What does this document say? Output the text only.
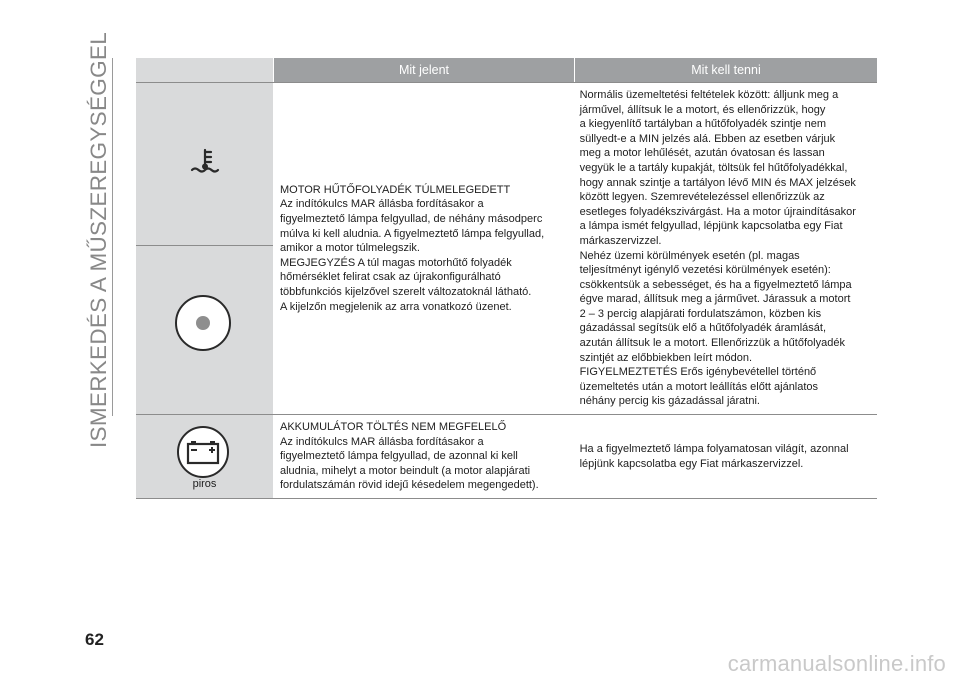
ISMERKEDÉS A MŰSZEREGYSÉGGEL	Mit jelent	Mit kell tenni
MOTOR HŰTŐFOLYADÉK TÚLMELEGEDETT
Az indítókulcs MAR állásba fordításakor a
figyelmeztető lámpa felgyullad, de néhány másodperc
múlva ki kell aludnia. A figyelmeztető lámpa felgyullad,
amikor a motor túlmelegszik.
MEGJEGYZÉS A túl magas motorhűtő folyadék
hőmérséklet felirat csak az újrakonfigurálható
többfunkciós kijelzővel szerelt változatoknál látható.
A kijelzőn megjelenik az arra vonatkozó üzenet.
Normális üzemeltetési feltételek között: álljunk meg a
járművel, állítsuk le a motort, és ellenőrizzük, hogy
a kiegyenlítő tartályban a hűtőfolyadék szintje nem
süllyedt-e a MIN jelzés alá. Ebben az esetben várjuk
meg a motor lehűlését, azután óvatosan és lassan
vegyük le a tartály kupakját, töltsük fel hűtőfolyadékkal,
hogy annak szintje a tartályon lévő MIN és MAX jelzések
között legyen. Szemrevételezéssel ellenőrizzük az
esetleges folyadékszivárgást. Ha a motor újraindításakor
a lámpa ismét felgyullad, lépjünk kapcsolatba egy Fiat
márkaszervizzel.
Nehéz üzemi körülmények esetén (pl. magas
teljesítményt igénylő vezetési körülmények esetén):
csökkentsük a sebességet, és ha a figyelmeztető lámpa
égve marad, állítsuk meg a járművet. Járassuk a motort
2 – 3 percig alapjárati fordulatszámon, közben kis
gázadással segítsük elő a hűtőfolyadék áramlását,
azután állítsuk le a motort. Ellenőrizzük a hűtőfolyadék
szintjét az előbbiekben leírt módon.
FIGYELMEZTETÉS Erős igénybevétellel történő
üzemeltetés után a motort leállítás előtt ajánlatos
néhány percig kis gázadással járatni.
piros
AKKUMULÁTOR TÖLTÉS NEM MEGFELELŐ
Az indítókulcs MAR állásba fordításakor a
figyelmeztető lámpa felgyullad, de azonnal ki kell
aludnia, mihelyt a motor beindult (a motor alapjárati
fordulatszámán rövid idejű késedelem megengedett).
Ha a figyelmeztető lámpa folyamatosan világít, azonnal
lépjünk kapcsolatba egy Fiat márkaszervizzel.
62
carmanualsonline.info
